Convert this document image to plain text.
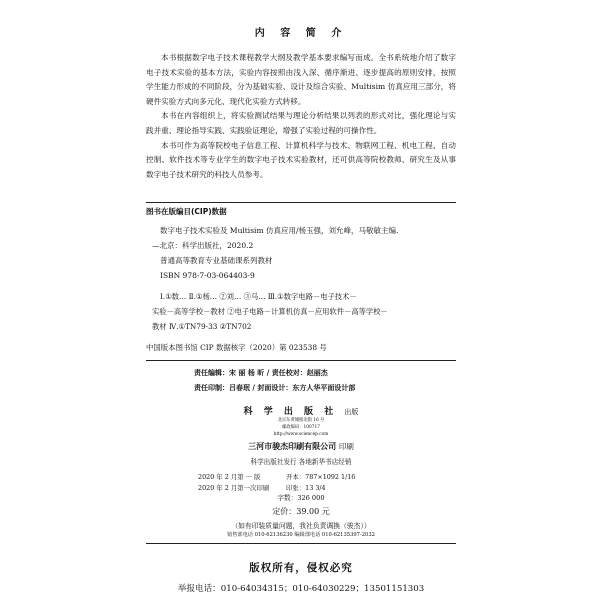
内 容 简 介

本书根据数字电子技术课程教学大纲及教学基本要求编写而成。全书系统地介绍了数字电子技术实验的基本方法，实验内容按照由浅入深、循序渐进、逐步提高的原则安排，按照学生能力形成的不同阶段，分为基础实验、设计及综合实验、Multisim 仿真应用三部分，将硬件实验方式向多元化、现代化实验方式转移。

本书在内容组织上，将实验测试结果与理论分析结果以列表的形式对比，强化理论与实践并重、理论指导实践、实践验证理论，增强了实验过程的可操作性。

本书可作为高等院校电子信息工程、计算机科学与技术、物联网工程、机电工程、自动控制、软件技术等专业学生的数字电子技术实验教材，还可供高等院校教师、研究生及从事数字电子技术研究的科技人员参考。

图书在版编目(CIP)数据
数字电子技术实验及 Multisim 仿真应用/杨玉强，刘允峰，马敬敏主编.
—北京：科学出版社，2020.2
普通高等教育专业基础课系列教材
ISBN 978-7-03-064403-9
Ⅰ.①数… Ⅱ.①杨… ②刘… ③马… Ⅲ.①数字电路－电子技术－
实验－高等学校－教材 ②电子电路－计算机仿真－应用软件－高等学校－
教材 Ⅳ.①TN79-33 ②TN702
中国版本图书馆 CIP 数据核字（2020）第 023538 号
责任编辑：宋 丽 杨 昕 / 责任校对：赵丽杰
责任印制：吕春珉 / 封面设计：东方人华平面设计部
科 学 出 版 社 出版
北京东黄城根北街 16 号
邮政编码：100717
http://www.sciencep.com
三河市骏杰印刷有限公司 印刷
科学出版社发行 各地新华书店经销
2020 年 2 月第 一 版	开本：787×1092 1/16
2020 年 2 月第一次印刷	印张：13 3/4
字数：326 000
定价：39.00 元
（如有印装质量问题，我社负责调换（骏杰））
销售部电话 010-62136230 编辑部电话 010-62135397-2032
版权所有，侵权必究
举报电话：010-64034315；010-64030229；13501151303
